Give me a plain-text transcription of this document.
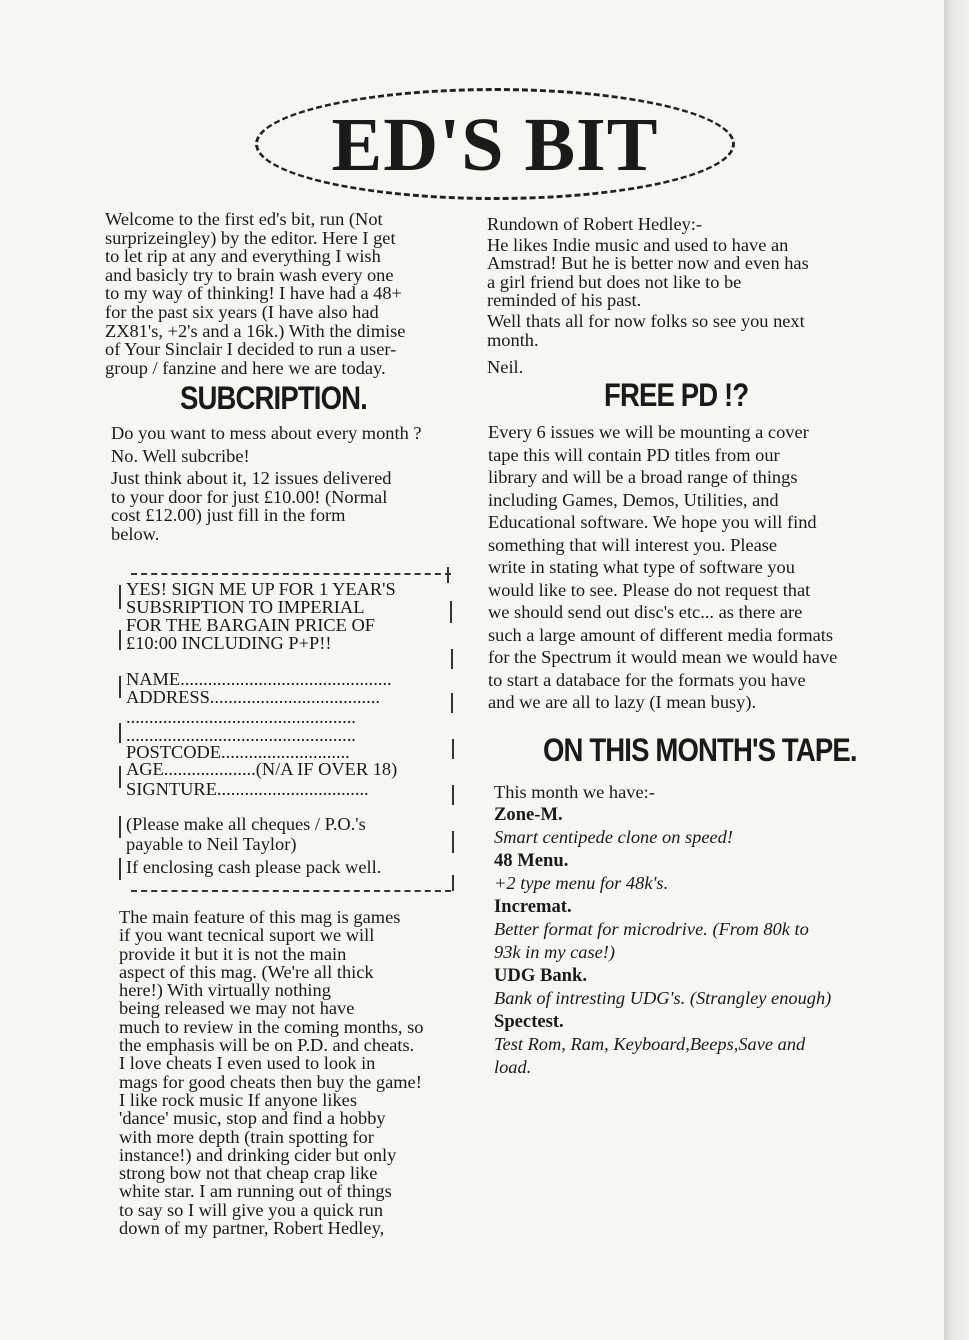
ED'S BIT

Welcome to the first ed's bit, run (Not

surprizeingley) by the editor. Here I get

to let rip at any and everything I wish

and basicly try to brain wash every one

to my way of thinking! I have had a 48+

for the past six years (I have also had

ZX81's, +2's and a 16k.) With the dimise

of Your Sinclair I decided to run a user-

group / fanzine and here we are today.

SUBCRIPTION.

Do you want to mess about every month ?

No. Well subcribe!

Just think about it, 12 issues delivered

to your door for just £10.00! (Normal

cost £12.00) just fill in the form

below.

YES! SIGN ME UP FOR 1 YEAR'S
SUBSRIPTION TO IMPERIAL
FOR THE BARGAIN PRICE OF
£10:00 INCLUDING P+P!!
NAME..............................................
ADDRESS.....................................
..................................................
..................................................
POSTCODE............................
AGE....................(N/A IF OVER 18)
SIGNTURE.................................
(Please make all cheques / P.O.'s
payable to Neil Taylor)
If enclosing cash please pack well.

The main feature of this mag is games

if you want tecnical suport we will

provide it but it is not the main

aspect of this mag. (We're all thick

here!) With virtually nothing

being released we may not have

much to review in the coming months, so

the emphasis will be on P.D. and cheats.

I love cheats I even used to look in

mags for good cheats then buy the game!

I like rock music If anyone likes

'dance' music, stop and find a hobby

with more depth (train spotting for

instance!) and drinking cider but only

strong bow not that cheap crap like

white star. I am running out of things

to say so I will give you a quick run

down of my partner, Robert Hedley,

Rundown of Robert Hedley:-

He likes Indie music and used to have an

Amstrad! But he is better now and even has

a girl friend but does not like to be

reminded of his past.

Well thats all for now folks so see you next

month.

Neil.
FREE PD !?

Every 6 issues we will be mounting a cover

tape this will contain PD titles from our

library and will be a broad range of things

including Games, Demos, Utilities, and

Educational software. We hope you will find

something that will interest you. Please

write in stating what type of software you

would like to see. Please do not request that

we should send out disc's etc... as there are

such a large amount of different media formats

for the Spectrum it would mean we would have

to start a databace for the formats you have

and we are all to lazy (I mean busy).

ON THIS MONTH'S TAPE.
This month we have:-

Zone-M.

Smart centipede clone on speed!

48 Menu.

+2 type menu for 48k's.

Incremat.

Better format for microdrive. (From 80k to

93k in my case!)

UDG Bank.

Bank of intresting UDG's. (Strangley enough)

Spectest.

Test Rom, Ram, Keyboard,Beeps,Save and

load.
